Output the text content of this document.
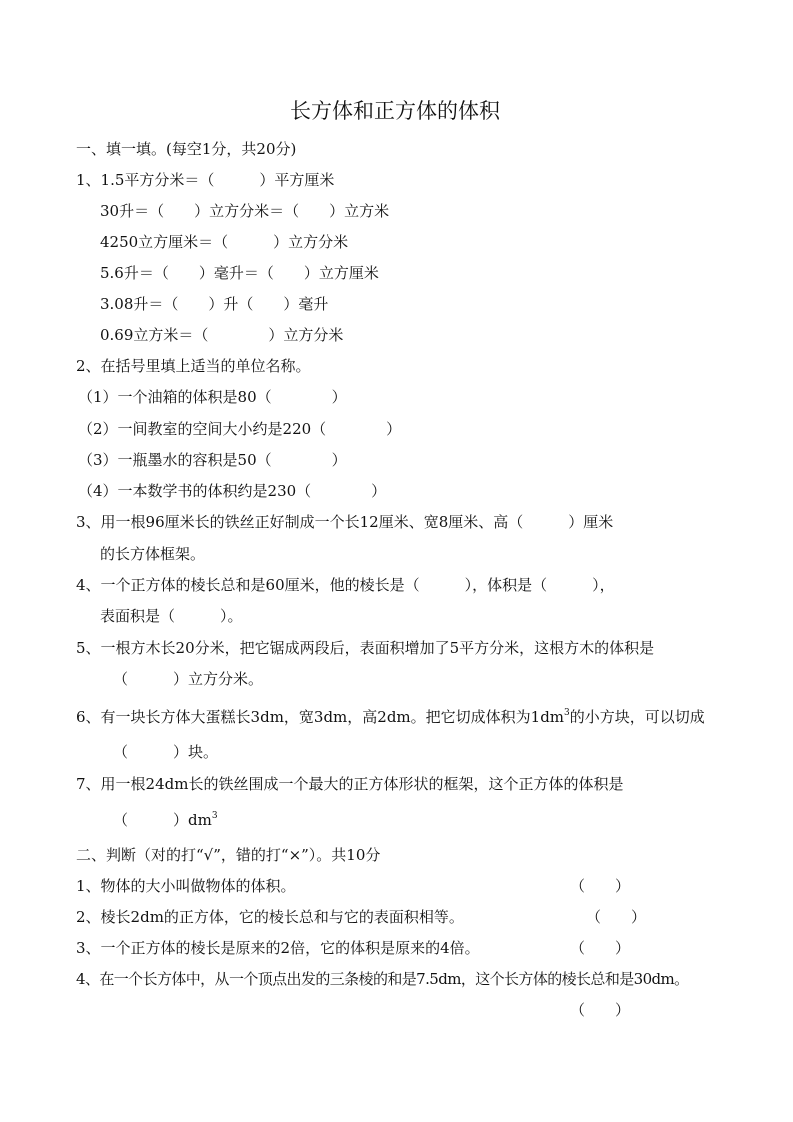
长方体和正方体的体积
一、填一填。(每空1分，共20分)
1、1.5平方分米＝（　　　）平方厘米
30升＝（　　）立方分米＝（　　）立方米
4250立方厘米＝（　　　）立方分米
5.6升＝（　　）毫升＝（　　）立方厘米
3.08升＝（　　）升（　　）毫升
0.69立方米＝（　　　　）立方分米
2、在括号里填上适当的单位名称。
（1）一个油箱的体积是80（　　　　）
（2）一间教室的空间大小约是220（　　　　）
（3）一瓶墨水的容积是50（　　　　）
（4）一本数学书的体积约是230（　　　　）
3、用一根96厘米长的铁丝正好制成一个长12厘米、宽8厘米、高（　　　）厘米
的长方体框架。
4、一个正方体的棱长总和是60厘米，他的棱长是（　　　），体积是（　　　），
表面积是（　　　）。
5、一根方木长20分米，把它锯成两段后，表面积增加了5平方分米，这根方木的体积是
（　　　）立方分米。
6、有一块长方体大蛋糕长3dm，宽3dm，高2dm。把它切成体积为$1dm^3$的小方块，可以切成
（　　　）块。
7、用一根24dm长的铁丝围成一个最大的正方体形状的框架，这个正方体的体积是
（　　　）$dm^3$
二、判断（对的打“√”，错的打“×”）。共10分
1、物体的大小叫做物体的体积。	（　　）
2、棱长2dm的正方体，它的棱长总和与它的表面积相等。	（　　）
3、一个正方体的棱长是原来的2倍，它的体积是原来的4倍。	（　　）
4、在一个长方体中，从一个顶点出发的三条棱的和是7.5dm，这个长方体的棱长总和是30dm。
（　　）
